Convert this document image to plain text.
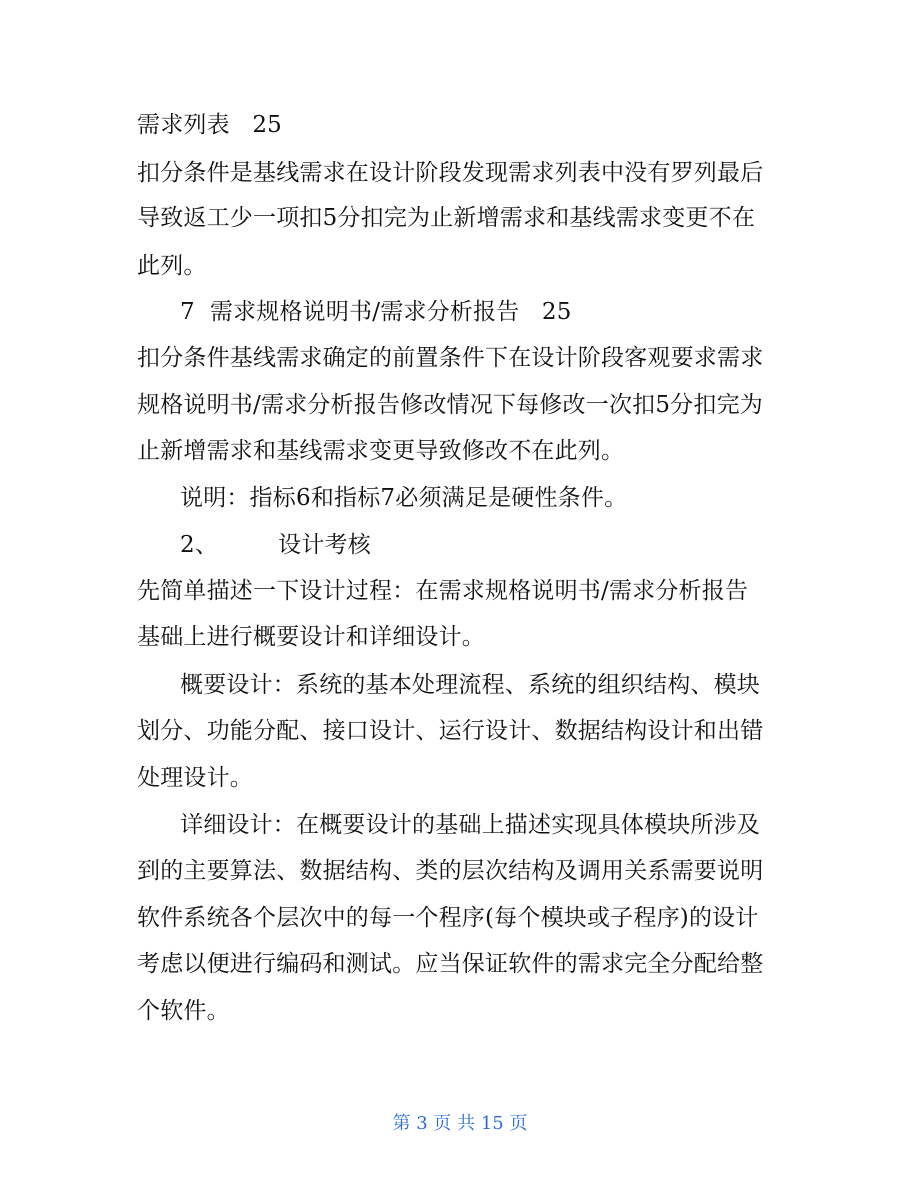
需求列表   25
扣分条件是基线需求在设计阶段发现需求列表中没有罗列最后
导致返工少一项扣5分扣完为止新增需求和基线需求变更不在
此列。
7  需求规格说明书/需求分析报告   25
扣分条件基线需求确定的前置条件下在设计阶段客观要求需求
规格说明书/需求分析报告修改情况下每修改一次扣5分扣完为
止新增需求和基线需求变更导致修改不在此列。
说明：指标6和指标7必须满足是硬性条件。
2、        设计考核
先简单描述一下设计过程：在需求规格说明书/需求分析报告
基础上进行概要设计和详细设计。
概要设计：系统的基本处理流程、系统的组织结构、模块
划分、功能分配、接口设计、运行设计、数据结构设计和出错
处理设计。
详细设计：在概要设计的基础上描述实现具体模块所涉及
到的主要算法、数据结构、类的层次结构及调用关系需要说明
软件系统各个层次中的每一个程序(每个模块或子程序)的设计
考虑以便进行编码和测试。应当保证软件的需求完全分配给整
个软件。
第 3 页 共 15 页
